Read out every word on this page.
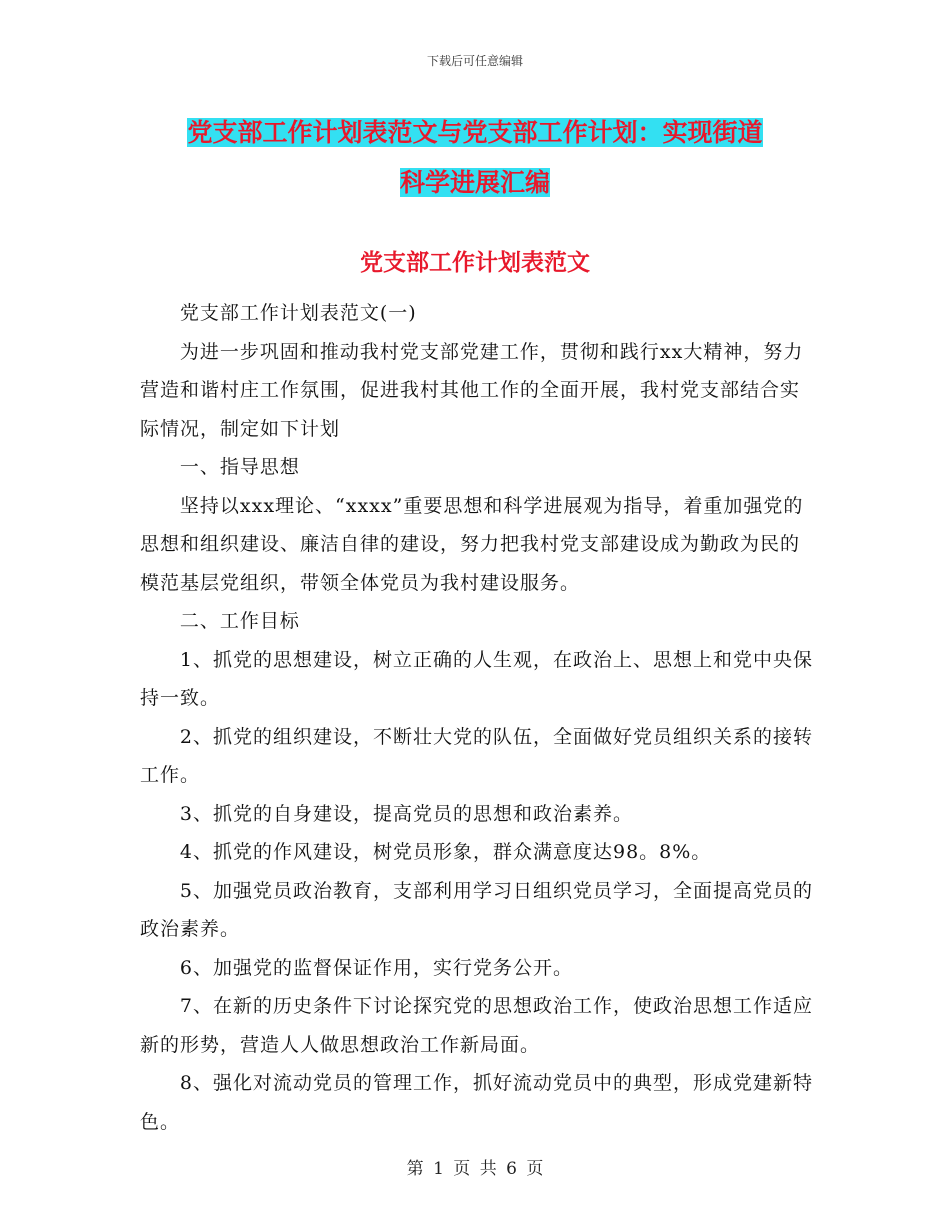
下载后可任意编辑
党支部工作计划表范文与党支部工作计划：实现街道
科学进展汇编
党支部工作计划表范文

党支部工作计划表范文(一)

为进一步巩固和推动我村党支部党建工作，贯彻和践行xx大精神，努力营造和谐村庄工作氛围，促进我村其他工作的全面开展，我村党支部结合实际情况，制定如下计划

一、指导思想

坚持以xxx理论、“xxxx”重要思想和科学进展观为指导，着重加强党的思想和组织建设、廉洁自律的建设，努力把我村党支部建设成为勤政为民的模范基层党组织，带领全体党员为我村建设服务。

二、工作目标

1、抓党的思想建设，树立正确的人生观，在政治上、思想上和党中央保持一致。

2、抓党的组织建设，不断壮大党的队伍，全面做好党员组织关系的接转工作。

3、抓党的自身建设，提高党员的思想和政治素养。

4、抓党的作风建设，树党员形象，群众满意度达98。8%。

5、加强党员政治教育，支部利用学习日组织党员学习，全面提高党员的政治素养。

6、加强党的监督保证作用，实行党务公开。

7、在新的历史条件下讨论探究党的思想政治工作，使政治思想工作适应新的形势，营造人人做思想政治工作新局面。

8、强化对流动党员的管理工作，抓好流动党员中的典型，形成党建新特色。

第 1 页 共 6 页
